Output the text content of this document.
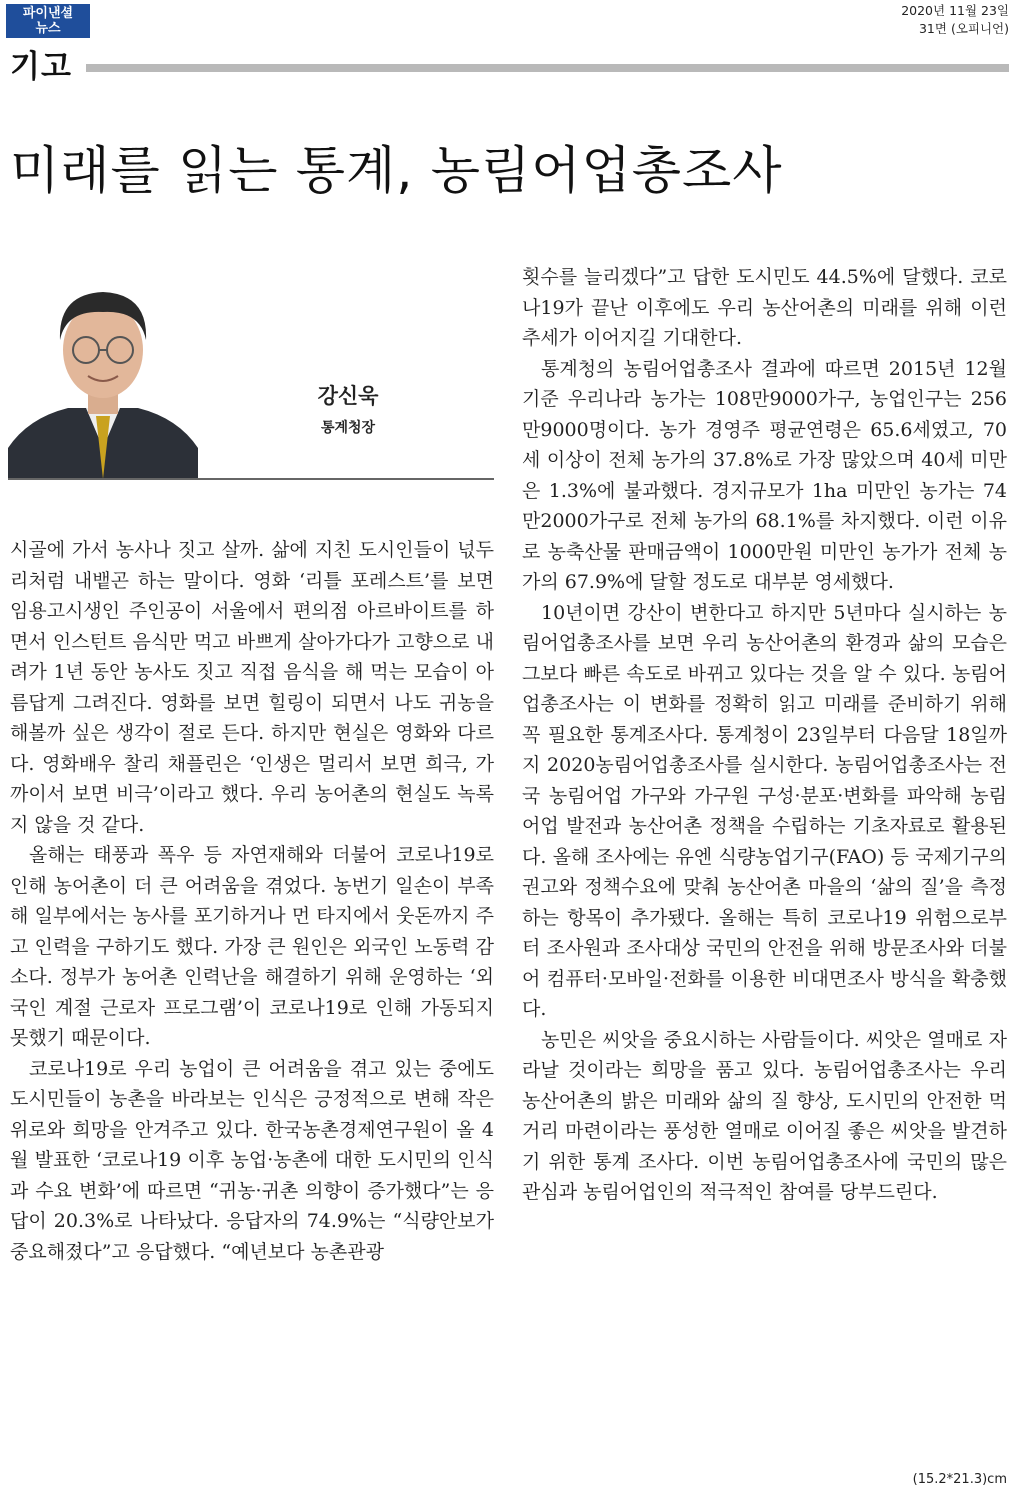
파이낸셜
뉴스
2020년 11월 23일
31면 (오피니언)
기고
미래를 읽는 통계, 농림어업총조사
강신욱
통계청장

시골에 가서 농사나 짓고 살까. 삶에 지친 도시인들이 넋두리처럼 내뱉곤 하는 말이다. 영화 ‘리틀 포레스트’를 보면 임용고시생인 주인공이 서울에서 편의점 아르바이트를 하면서 인스턴트 음식만 먹고 바쁘게 살아가다가 고향으로 내려가 1년 동안 농사도 짓고 직접 음식을 해 먹는 모습이 아름답게 그려진다. 영화를 보면 힐링이 되면서 나도 귀농을 해볼까 싶은 생각이 절로 든다. 하지만 현실은 영화와 다르다. 영화배우 찰리 채플린은 ‘인생은 멀리서 보면 희극, 가까이서 보면 비극’이라고 했다. 우리 농어촌의 현실도 녹록지 않을 것 같다.

올해는 태풍과 폭우 등 자연재해와 더불어 코로나19로 인해 농어촌이 더 큰 어려움을 겪었다. 농번기 일손이 부족해 일부에서는 농사를 포기하거나 먼 타지에서 웃돈까지 주고 인력을 구하기도 했다. 가장 큰 원인은 외국인 노동력 감소다. 정부가 농어촌 인력난을 해결하기 위해 운영하는 ‘외국인 계절 근로자 프로그램’이 코로나19로 인해 가동되지 못했기 때문이다.

코로나19로 우리 농업이 큰 어려움을 겪고 있는 중에도 도시민들이 농촌을 바라보는 인식은 긍정적으로 변해 작은 위로와 희망을 안겨주고 있다. 한국농촌경제연구원이 올 4월 발표한 ‘코로나19 이후 농업·농촌에 대한 도시민의 인식과 수요 변화’에 따르면 “귀농·귀촌 의향이 증가했다”는 응답이 20.3%로 나타났다. 응답자의 74.9%는 “식량안보가 중요해졌다”고 응답했다. “예년보다 농촌관광

횟수를 늘리겠다”고 답한 도시민도 44.5%에 달했다. 코로나19가 끝난 이후에도 우리 농산어촌의 미래를 위해 이런 추세가 이어지길 기대한다.

통계청의 농림어업총조사 결과에 따르면 2015년 12월 기준 우리나라 농가는 108만9000가구, 농업인구는 256만9000명이다. 농가 경영주 평균연령은 65.6세였고, 70세 이상이 전체 농가의 37.8%로 가장 많았으며 40세 미만은 1.3%에 불과했다. 경지규모가 1ha 미만인 농가는 74만2000가구로 전체 농가의 68.1%를 차지했다. 이런 이유로 농축산물 판매금액이 1000만원 미만인 농가가 전체 농가의 67.9%에 달할 정도로 대부분 영세했다.

10년이면 강산이 변한다고 하지만 5년마다 실시하는 농림어업총조사를 보면 우리 농산어촌의 환경과 삶의 모습은 그보다 빠른 속도로 바뀌고 있다는 것을 알 수 있다. 농림어업총조사는 이 변화를 정확히 읽고 미래를 준비하기 위해 꼭 필요한 통계조사다. 통계청이 23일부터 다음달 18일까지 2020농림어업총조사를 실시한다. 농림어업총조사는 전국 농림어업 가구와 가구원 구성·분포·변화를 파악해 농림어업 발전과 농산어촌 정책을 수립하는 기초자료로 활용된다. 올해 조사에는 유엔 식량농업기구(FAO) 등 국제기구의 권고와 정책수요에 맞춰 농산어촌 마을의 ‘삶의 질’을 측정하는 항목이 추가됐다. 올해는 특히 코로나19 위험으로부터 조사원과 조사대상 국민의 안전을 위해 방문조사와 더불어 컴퓨터·모바일·전화를 이용한 비대면조사 방식을 확충했다.

농민은 씨앗을 중요시하는 사람들이다. 씨앗은 열매로 자라날 것이라는 희망을 품고 있다. 농림어업총조사는 우리 농산어촌의 밝은 미래와 삶의 질 향상, 도시민의 안전한 먹거리 마련이라는 풍성한 열매로 이어질 좋은 씨앗을 발견하기 위한 통계 조사다. 이번 농림어업총조사에 국민의 많은 관심과 농림어업인의 적극적인 참여를 당부드린다.

(15.2*21.3)cm
